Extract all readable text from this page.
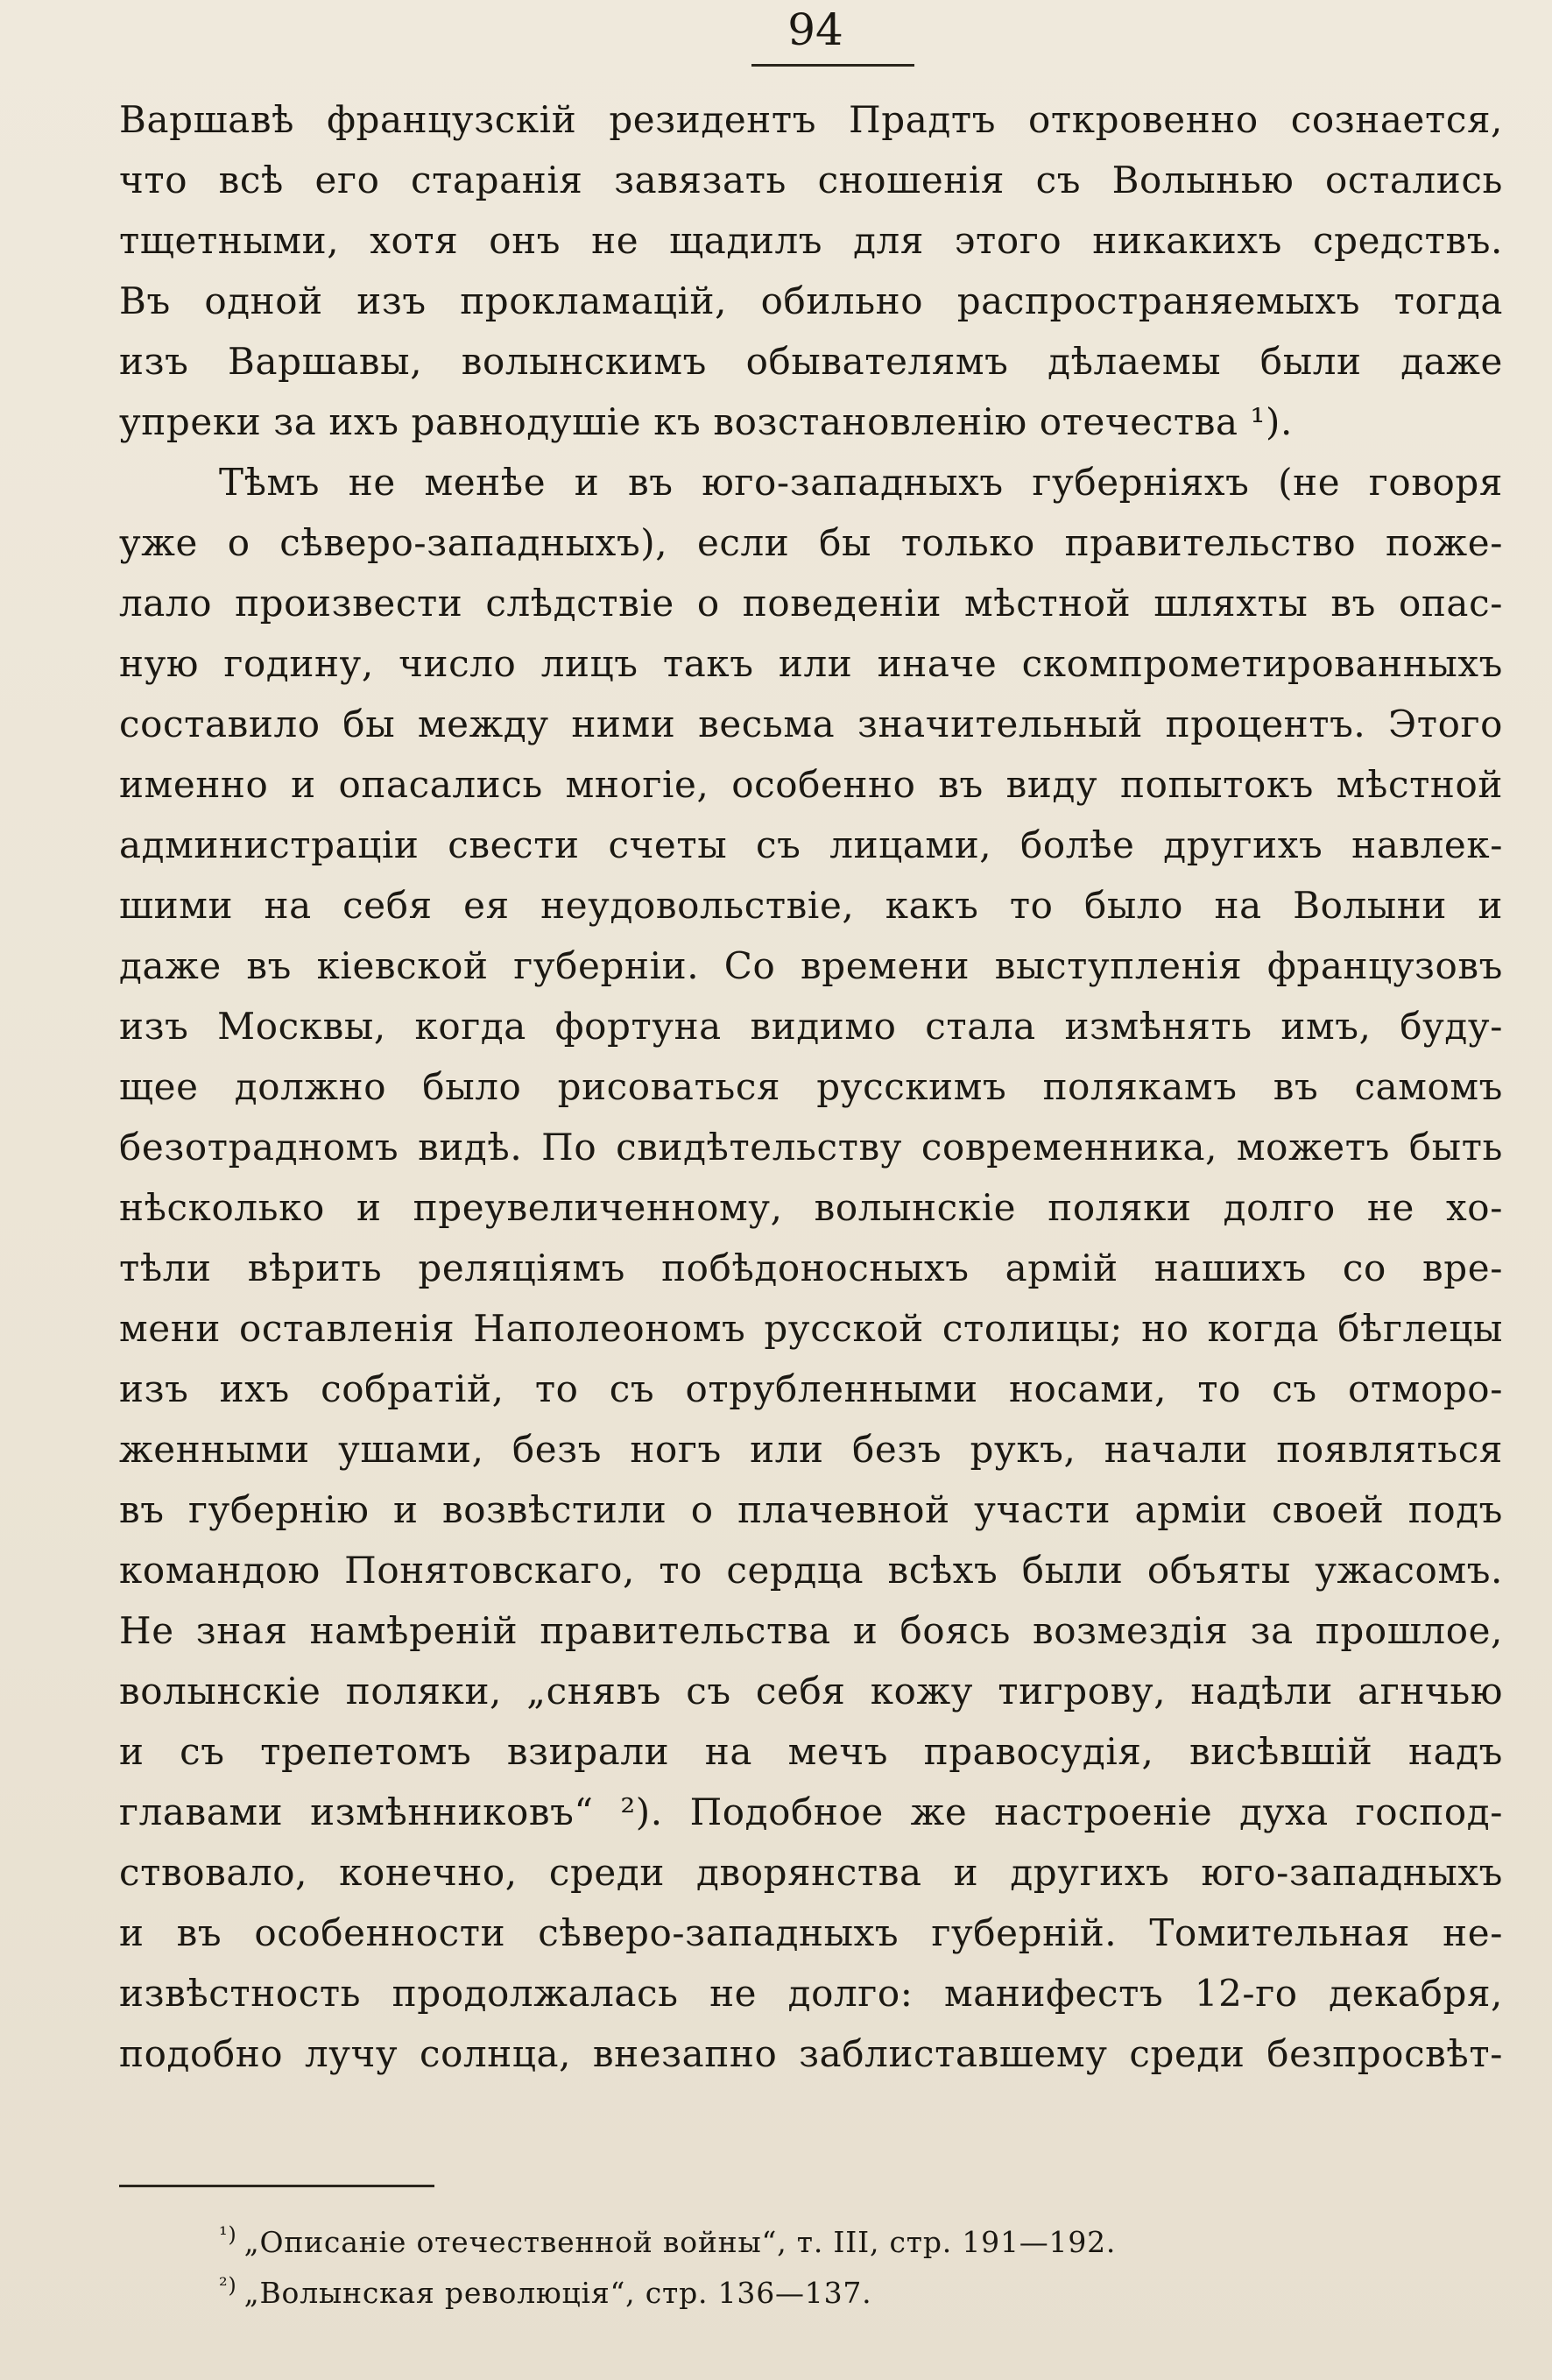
94
Варшавѣ французскій резидентъ Прадтъ откровенно сознается,
что всѣ его старанія завязать сношенія съ Волынью остались
тщетными, хотя онъ не щадилъ для этого никакихъ средствъ.
Въ одной изъ прокламацій, обильно распространяемыхъ тогда
изъ Варшавы, волынскимъ обывателямъ дѣлаемы были даже
упреки за ихъ равнодушіе къ возстановленію отечества ¹).
Тѣмъ не менѣе и въ юго-западныхъ губерніяхъ (не говоря
уже о сѣверо-западныхъ), если бы только правительство поже-
лало произвести слѣдствіе о поведеніи мѣстной шляхты въ опас-
ную годину, число лицъ такъ или иначе скомпрометированныхъ
составило бы между ними весьма значительный процентъ. Этого
именно и опасались многіе, особенно въ виду попытокъ мѣстной
администраціи свести счеты съ лицами, болѣе другихъ навлек-
шими на себя ея неудовольствіе, какъ то было на Волыни и
даже въ кіевской губерніи. Со времени выступленія французовъ
изъ Москвы, когда фортуна видимо стала измѣнять имъ, буду-
щее должно было рисоваться русскимъ полякамъ въ самомъ
безотрадномъ видѣ. По свидѣтельству современника, можетъ быть
нѣсколько и преувеличенному, волынскіе поляки долго не хо-
тѣли вѣрить реляціямъ побѣдоносныхъ армій нашихъ со вре-
мени оставленія Наполеономъ русской столицы; но когда бѣглецы
изъ ихъ собратій, то съ отрубленными носами, то съ отморо-
женными ушами, безъ ногъ или безъ рукъ, начали появляться
въ губернію и возвѣстили о плачевной участи арміи своей подъ
командою Понятовскаго, то сердца всѣхъ были объяты ужасомъ.
Не зная намѣреній правительства и боясь возмездія за прошлое,
волынскіе поляки, „снявъ съ себя кожу тигрову, надѣли агнчью
и съ трепетомъ взирали на мечъ правосудія, висѣвшій надъ
главами измѣнниковъ“ ²). Подобное же настроеніе духа господ-
ствовало, конечно, среди дворянства и другихъ юго-западныхъ
и въ особенности сѣверо-западныхъ губерній. Томительная не-
извѣстность продолжалась не долго: манифестъ 12-го декабря,
подобно лучу солнца, внезапно заблиставшему среди безпросвѣт-
$^{^1)}$ „Описаніе отечественной войны“, т. III, стр. 191—192.
$^{^2)}$ „Волынская революція“, стр. 136—137.
